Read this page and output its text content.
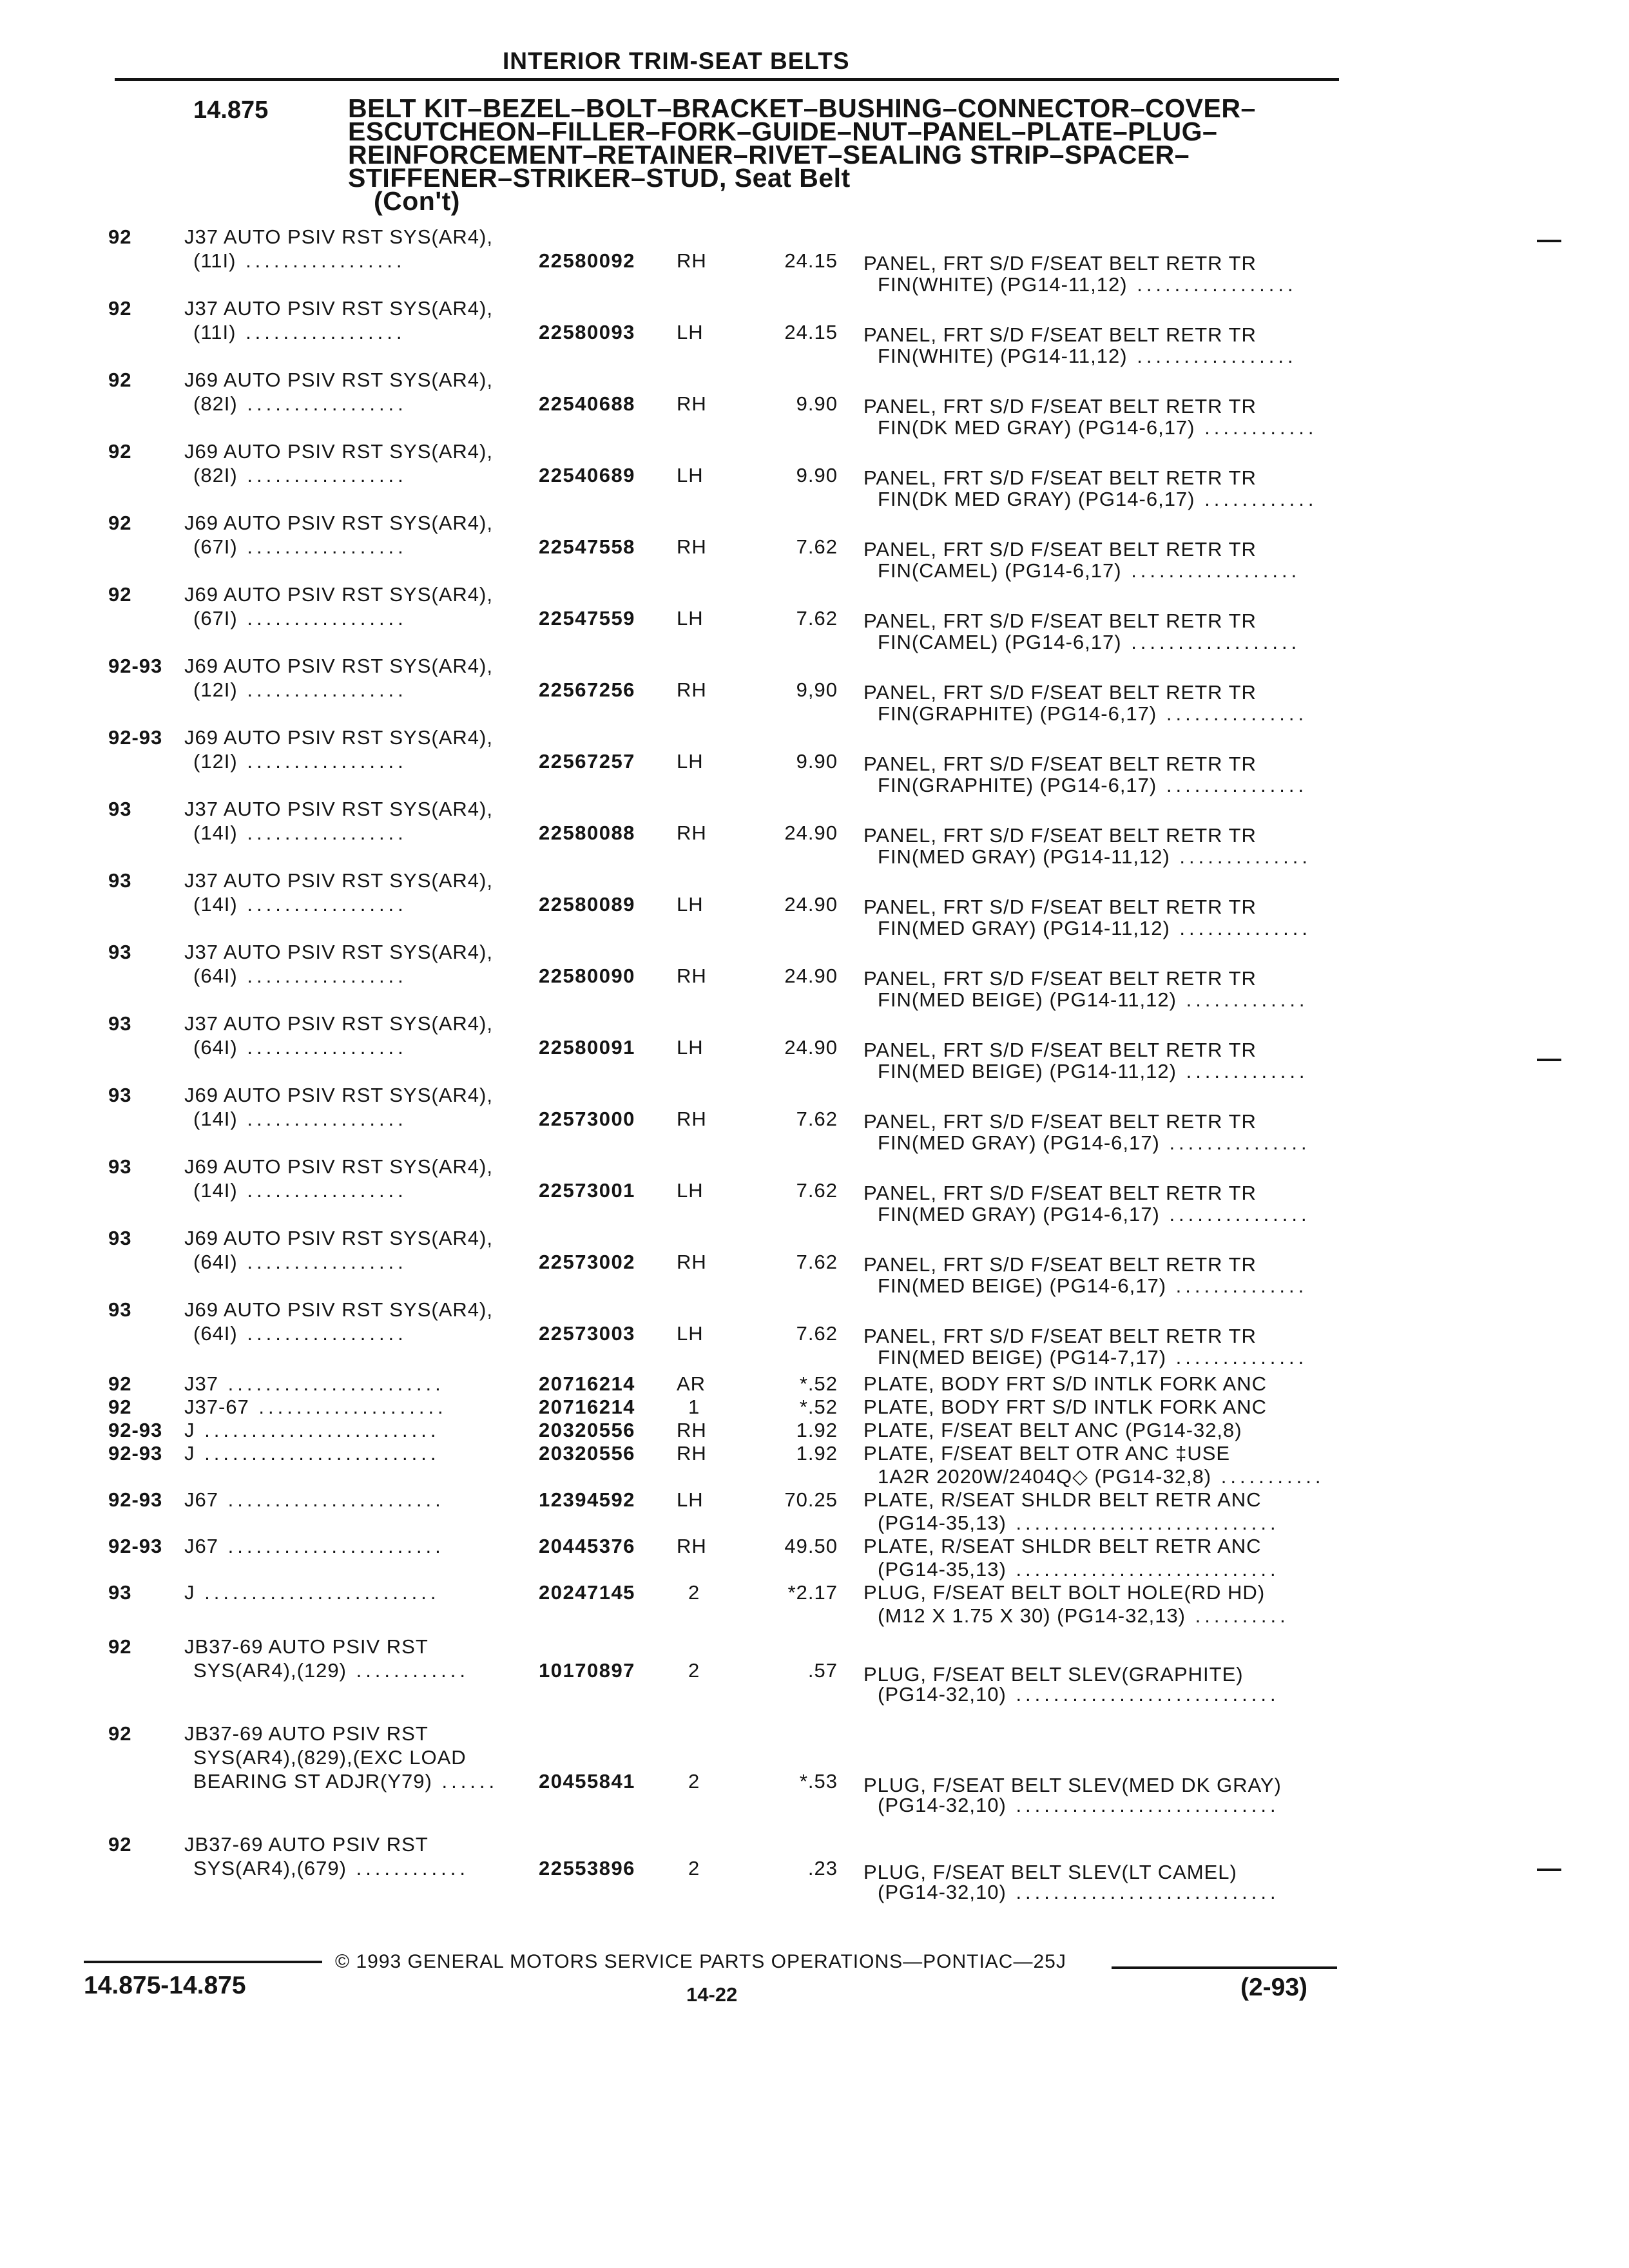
INTERIOR TRIM-SEAT BELTS
14.875	BELT KIT–BEZEL–BOLT–BRACKET–BUSHING–CONNECTOR–COVER–ESCUTCHEON–FILLER–FORK–GUIDE–NUT–PANEL–PLATE–PLUG–REINFORCEMENT–RETAINER–RIVET–SEALING STRIP–SPACER–STIFFENER–STRIKER–STUD, Seat Belt
(Con't)
92	J37 AUTO PSIV RST SYS(AR4),
(11I) .................	22580092 RH	24.15 PANEL, FRT S/D F/SEAT BELT RETR TR
FIN(WHITE) (PG14-11,12) .................
92	J37 AUTO PSIV RST SYS(AR4),
(11I) .................	22580093 LH	24.15 PANEL, FRT S/D F/SEAT BELT RETR TR
FIN(WHITE) (PG14-11,12) .................
92	J69 AUTO PSIV RST SYS(AR4),
(82I) .................	22540688 RH	9.90 PANEL, FRT S/D F/SEAT BELT RETR TR
FIN(DK MED GRAY) (PG14-6,17) ............
92	J69 AUTO PSIV RST SYS(AR4),
(82I) .................	22540689 LH	9.90 PANEL, FRT S/D F/SEAT BELT RETR TR
FIN(DK MED GRAY) (PG14-6,17) ............
92	J69 AUTO PSIV RST SYS(AR4),
(67I) .................	22547558 RH	7.62 PANEL, FRT S/D F/SEAT BELT RETR TR
FIN(CAMEL) (PG14-6,17) ..................
92	J69 AUTO PSIV RST SYS(AR4),
(67I) .................	22547559 LH	7.62 PANEL, FRT S/D F/SEAT BELT RETR TR
FIN(CAMEL) (PG14-6,17) ..................
92-93 J69 AUTO PSIV RST SYS(AR4),
(12I) .................	22567256 RH	9,90 PANEL, FRT S/D F/SEAT BELT RETR TR
FIN(GRAPHITE) (PG14-6,17) ...............
92-93 J69 AUTO PSIV RST SYS(AR4),
(12I) .................	22567257 LH	9.90 PANEL, FRT S/D F/SEAT BELT RETR TR
FIN(GRAPHITE) (PG14-6,17) ...............
93	J37 AUTO PSIV RST SYS(AR4),
(14I) .................	22580088 RH	24.90 PANEL, FRT S/D F/SEAT BELT RETR TR
FIN(MED GRAY) (PG14-11,12) ..............
93	J37 AUTO PSIV RST SYS(AR4),
(14I) .................	22580089 LH	24.90 PANEL, FRT S/D F/SEAT BELT RETR TR
FIN(MED GRAY) (PG14-11,12) ..............
93	J37 AUTO PSIV RST SYS(AR4),
(64I) .................	22580090 RH	24.90 PANEL, FRT S/D F/SEAT BELT RETR TR
FIN(MED BEIGE) (PG14-11,12) .............
93	J37 AUTO PSIV RST SYS(AR4),
(64I) .................	22580091 LH	24.90 PANEL, FRT S/D F/SEAT BELT RETR TR
FIN(MED BEIGE) (PG14-11,12) .............
93	J69 AUTO PSIV RST SYS(AR4),
(14I) .................	22573000 RH	7.62 PANEL, FRT S/D F/SEAT BELT RETR TR
FIN(MED GRAY) (PG14-6,17) ...............
93	J69 AUTO PSIV RST SYS(AR4),
(14I) .................	22573001 LH	7.62 PANEL, FRT S/D F/SEAT BELT RETR TR
FIN(MED GRAY) (PG14-6,17) ...............
93	J69 AUTO PSIV RST SYS(AR4),
(64I) .................	22573002 RH	7.62 PANEL, FRT S/D F/SEAT BELT RETR TR
FIN(MED BEIGE) (PG14-6,17) ..............
93	J69 AUTO PSIV RST SYS(AR4),
(64I) .................	22573003 LH	7.62 PANEL, FRT S/D F/SEAT BELT RETR TR
FIN(MED BEIGE) (PG14-7,17) ..............
92	J37 .......................	20716214 AR	*.52 PLATE, BODY FRT S/D INTLK FORK ANC
92	J37-67 ....................	20716214	1	*.52 PLATE, BODY FRT S/D INTLK FORK ANC
92-93 J .........................	20320556 RH	1.92 PLATE, F/SEAT BELT ANC (PG14-32,8)
92-93 J .........................	20320556 RH	1.92 PLATE, F/SEAT BELT OTR ANC ‡USE
1A2R 2020W/2404Q◇ (PG14-32,8) ...........
92-93 J67 .......................	12394592 LH	70.25 PLATE, R/SEAT SHLDR BELT RETR ANC
(PG14-35,13) ............................
92-93 J67 .......................	20445376 RH	49.50 PLATE, R/SEAT SHLDR BELT RETR ANC
(PG14-35,13) ............................
93	J .........................	20247145	2	*2.17 PLUG, F/SEAT BELT BOLT HOLE(RD HD)
(M12 X 1.75 X 30) (PG14-32,13) ..........
92	JB37-69 AUTO PSIV RST
SYS(AR4),(129) ............	10170897	2	.57 PLUG, F/SEAT BELT SLEV(GRAPHITE)
(PG14-32,10) ............................
92	JB37-69 AUTO PSIV RST
SYS(AR4),(829),(EXC LOAD
BEARING ST ADJR(Y79) ......	20455841	2	*.53 PLUG, F/SEAT BELT SLEV(MED DK GRAY)
(PG14-32,10) ............................
92	JB37-69 AUTO PSIV RST
SYS(AR4),(679) ............	22553896	2	.23 PLUG, F/SEAT BELT SLEV(LT CAMEL)
(PG14-32,10) ............................
© 1993 GENERAL MOTORS SERVICE PARTS OPERATIONS—PONTIAC—25J
14.875-14.875	14-22	(2-93)
